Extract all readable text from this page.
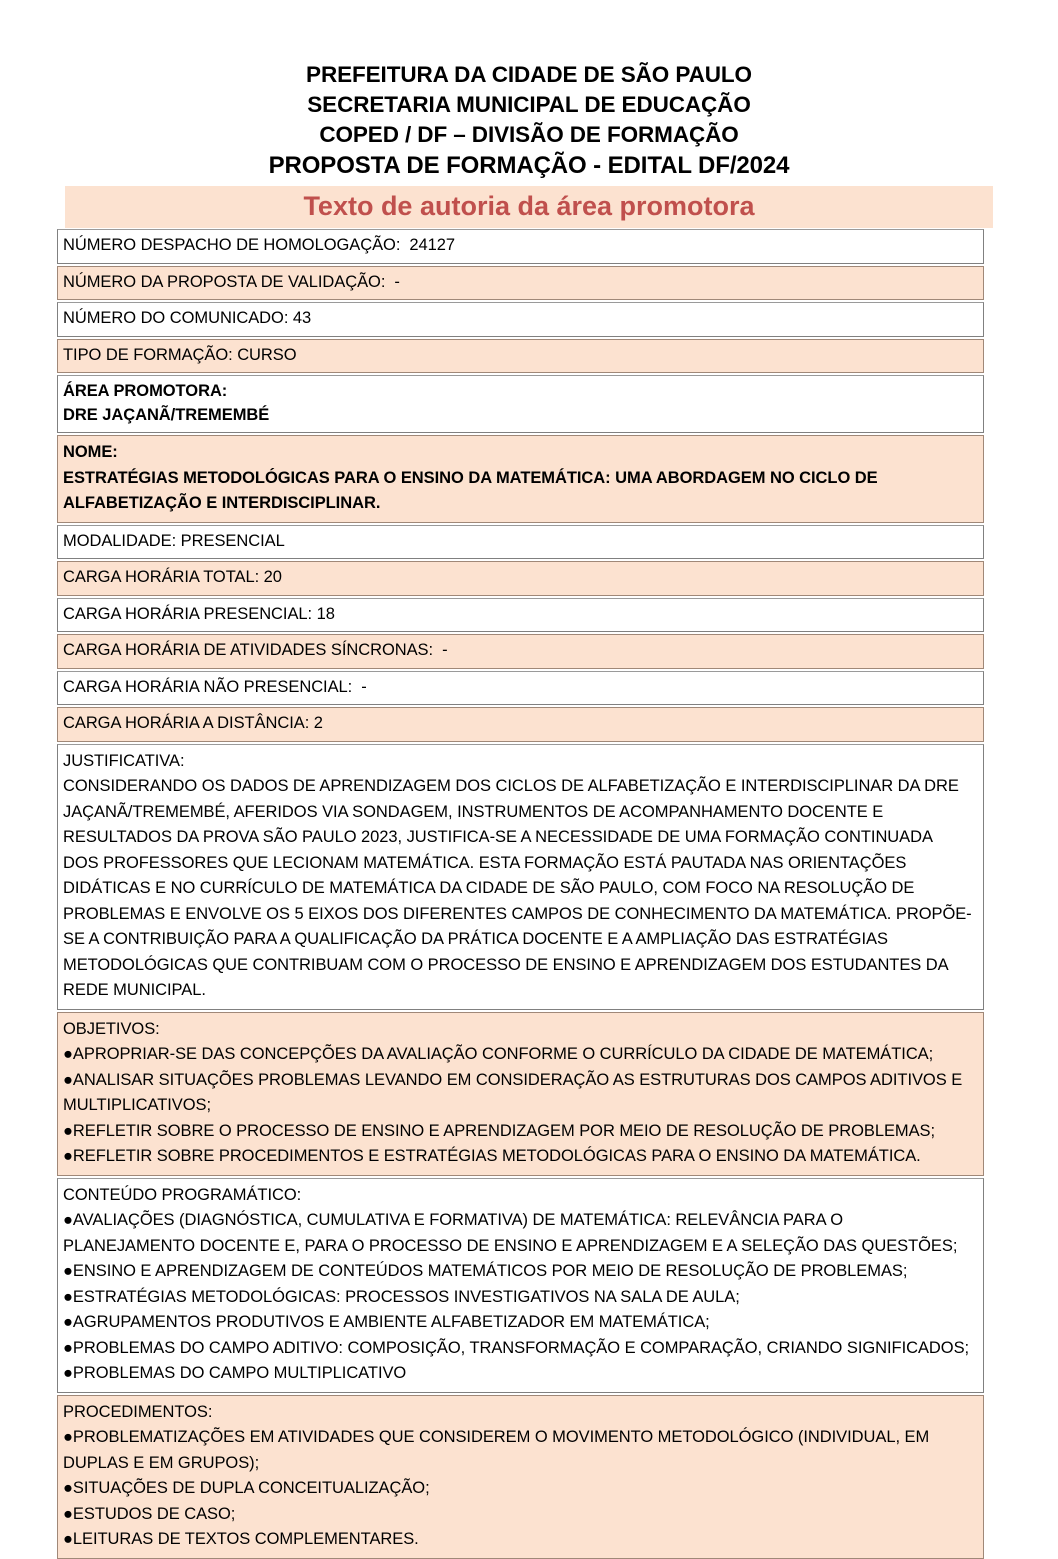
PREFEITURA DA CIDADE DE SÃO PAULO
SECRETARIA MUNICIPAL DE EDUCAÇÃO
COPED / DF – DIVISÃO DE FORMAÇÃO
PROPOSTA DE FORMAÇÃO - EDITAL DF/2024
Texto de autoria da área promotora
NÚMERO DESPACHO DE HOMOLOGAÇÃO:  24127
NÚMERO DA PROPOSTA DE VALIDAÇÃO:  -
NÚMERO DO COMUNICADO: 43
TIPO DE FORMAÇÃO: CURSO
ÁREA PROMOTORA:
DRE JAÇANÃ/TREMEMBÉ
NOME:
ESTRATÉGIAS METODOLÓGICAS PARA O ENSINO DA MATEMÁTICA: UMA ABORDAGEM NO CICLO DE
ALFABETIZAÇÃO E INTERDISCIPLINAR.
MODALIDADE: PRESENCIAL
CARGA HORÁRIA TOTAL: 20
CARGA HORÁRIA PRESENCIAL: 18
CARGA HORÁRIA DE ATIVIDADES SÍNCRONAS:  -
CARGA HORÁRIA NÃO PRESENCIAL:  -
CARGA HORÁRIA A DISTÂNCIA: 2
JUSTIFICATIVA:
CONSIDERANDO OS DADOS DE APRENDIZAGEM DOS CICLOS DE ALFABETIZAÇÃO E INTERDISCIPLINAR DA DRE
JAÇANÃ/TREMEMBÉ, AFERIDOS VIA SONDAGEM, INSTRUMENTOS DE ACOMPANHAMENTO DOCENTE E
RESULTADOS DA PROVA SÃO PAULO 2023, JUSTIFICA-SE A NECESSIDADE DE UMA FORMAÇÃO CONTINUADA
DOS PROFESSORES QUE LECIONAM MATEMÁTICA. ESTA FORMAÇÃO ESTÁ PAUTADA NAS ORIENTAÇÕES
DIDÁTICAS E NO CURRÍCULO DE MATEMÁTICA DA CIDADE DE SÃO PAULO, COM FOCO NA RESOLUÇÃO DE
PROBLEMAS E ENVOLVE OS 5 EIXOS DOS DIFERENTES CAMPOS DE CONHECIMENTO DA MATEMÁTICA. PROPÕE-
SE A CONTRIBUIÇÃO PARA A QUALIFICAÇÃO DA PRÁTICA DOCENTE E A AMPLIAÇÃO DAS ESTRATÉGIAS
METODOLÓGICAS QUE CONTRIBUAM COM O PROCESSO DE ENSINO E APRENDIZAGEM DOS ESTUDANTES DA
REDE MUNICIPAL.
OBJETIVOS:
●APROPRIAR-SE DAS CONCEPÇÕES DA AVALIAÇÃO CONFORME O CURRÍCULO DA CIDADE DE MATEMÁTICA;
●ANALISAR SITUAÇÕES PROBLEMAS LEVANDO EM CONSIDERAÇÃO AS ESTRUTURAS DOS CAMPOS ADITIVOS E
MULTIPLICATIVOS;
●REFLETIR SOBRE O PROCESSO DE ENSINO E APRENDIZAGEM POR MEIO DE RESOLUÇÃO DE PROBLEMAS;
●REFLETIR SOBRE PROCEDIMENTOS E ESTRATÉGIAS METODOLÓGICAS PARA O ENSINO DA MATEMÁTICA.
CONTEÚDO PROGRAMÁTICO:
●AVALIAÇÕES (DIAGNÓSTICA, CUMULATIVA E FORMATIVA) DE MATEMÁTICA: RELEVÂNCIA PARA O
PLANEJAMENTO DOCENTE E, PARA O PROCESSO DE ENSINO E APRENDIZAGEM E A SELEÇÃO DAS QUESTÕES;
●ENSINO E APRENDIZAGEM DE CONTEÚDOS MATEMÁTICOS POR MEIO DE RESOLUÇÃO DE PROBLEMAS;
●ESTRATÉGIAS METODOLÓGICAS: PROCESSOS INVESTIGATIVOS NA SALA DE AULA;
●AGRUPAMENTOS PRODUTIVOS E AMBIENTE ALFABETIZADOR EM MATEMÁTICA;
●PROBLEMAS DO CAMPO ADITIVO: COMPOSIÇÃO, TRANSFORMAÇÃO E COMPARAÇÃO, CRIANDO SIGNIFICADOS;
●PROBLEMAS DO CAMPO MULTIPLICATIVO
PROCEDIMENTOS:
●PROBLEMATIZAÇÕES EM ATIVIDADES QUE CONSIDEREM O MOVIMENTO METODOLÓGICO (INDIVIDUAL, EM
DUPLAS E EM GRUPOS);
●SITUAÇÕES DE DUPLA CONCEITUALIZAÇÃO;
●ESTUDOS DE CASO;
●LEITURAS DE TEXTOS COMPLEMENTARES.
